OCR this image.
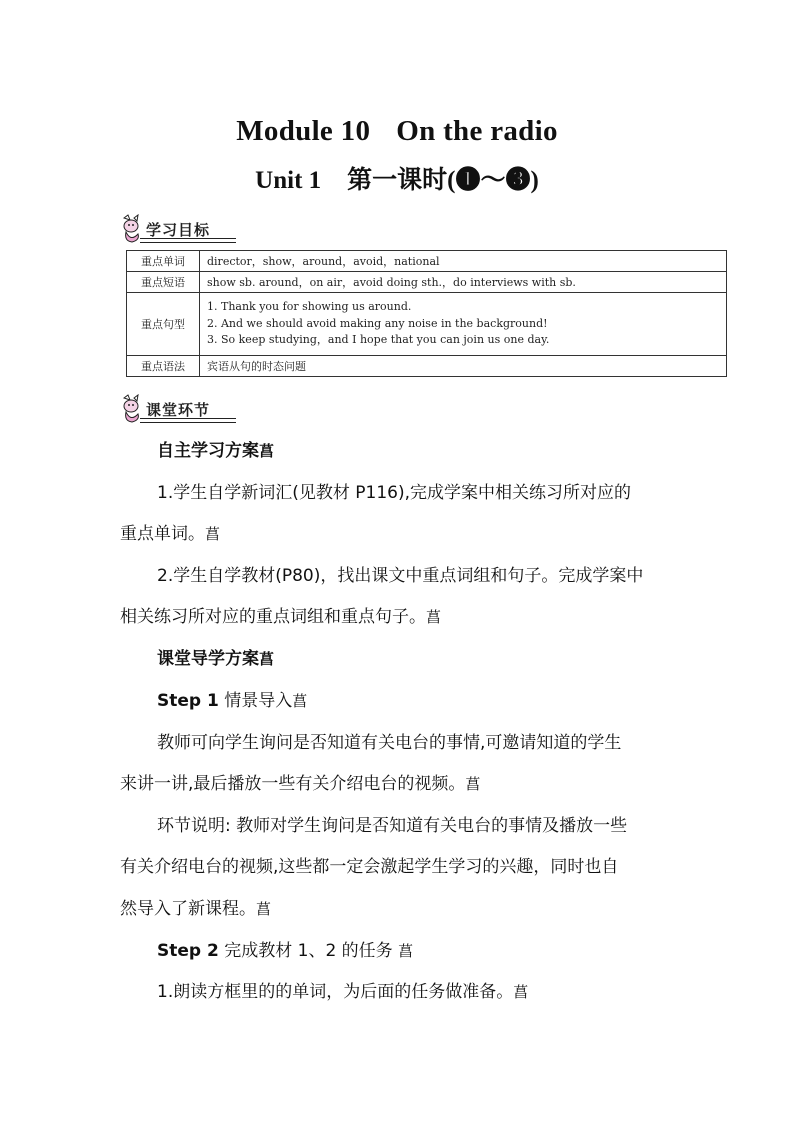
Module 10 On the radio
Unit 1 第一课时(❶～❸)
学习目标
重点单词	director，show，around，avoid，national
重点短语	show sb. around，on air，avoid doing sth.，do interviews with sb.
重点句型	1. Thank you for showing us around.
2. And we should avoid making any noise in the background!
3. So keep studying，and I hope that you can join us one day.

重点语法	宾语从句的时态问题
课堂环节
自主学习方案菖
1.学生自学新词汇(见教材 P116),完成学案中相关练习所对应的
重点单词。菖
2.学生自学教材(P80)，找出课文中重点词组和句子。完成学案中
相关练习所对应的重点词组和重点句子。菖
课堂导学方案菖
Step 1 情景导入菖
教师可向学生询问是否知道有关电台的事情,可邀请知道的学生
来讲一讲,最后播放一些有关介绍电台的视频。菖
环节说明: 教师对学生询问是否知道有关电台的事情及播放一些
有关介绍电台的视频,这些都一定会激起学生学习的兴趣，同时也自
然导入了新课程。菖
Step 2 完成教材 1、2 的任务 菖
1.朗读方框里的的单词，为后面的任务做准备。菖
